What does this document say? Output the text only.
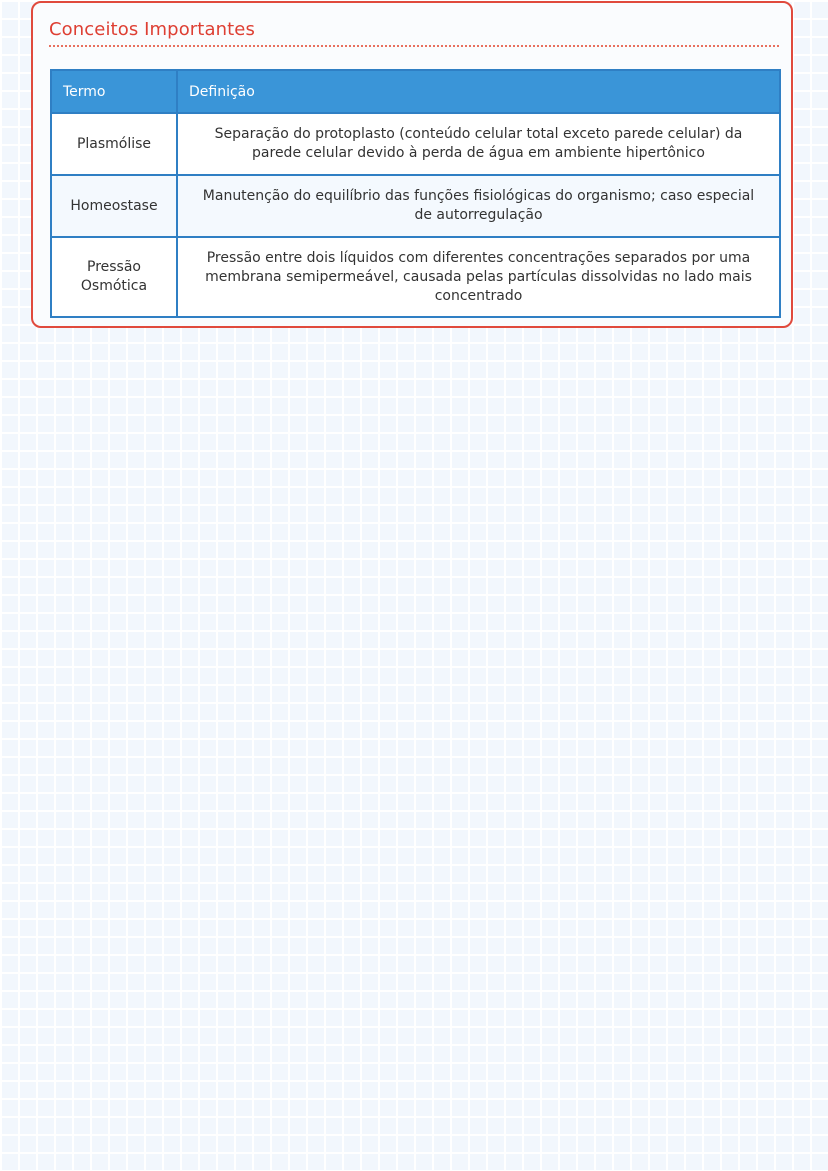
Conceitos Importantes
Termo	Definição
Plasmólise	Separação do protoplasto (conteúdo celular total exceto parede celular) da parede celular devido à perda de água em ambiente hipertônico
Homeostase	Manutenção do equilíbrio das funções fisiológicas do organismo; caso especial de autorregulação
Pressão Osmótica	Pressão entre dois líquidos com diferentes concentrações separados por uma membrana semipermeável, causada pelas partículas dissolvidas no lado mais concentrado
